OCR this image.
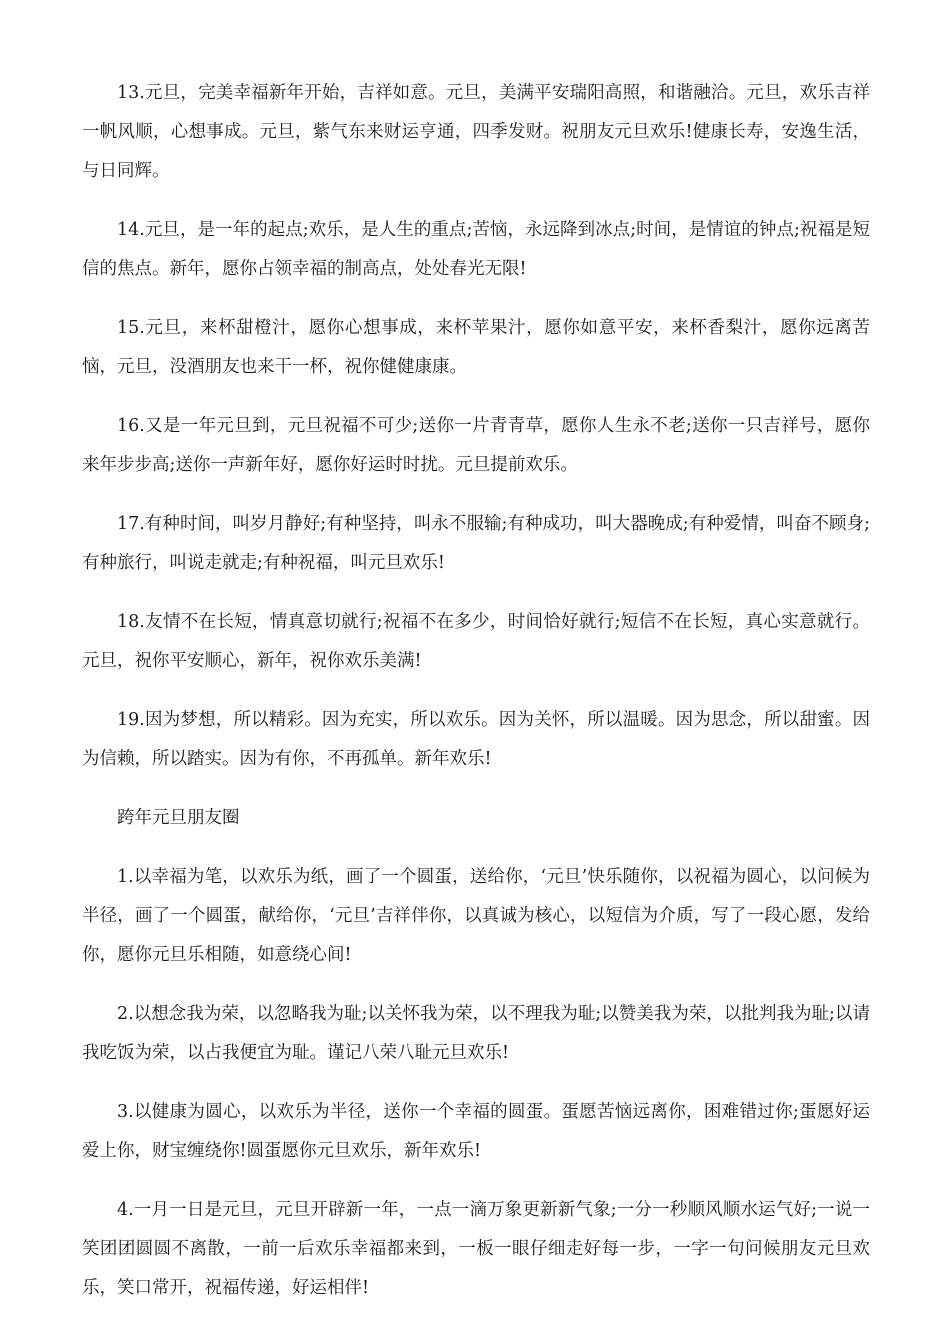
13.元旦，完美幸福新年开始，吉祥如意。元旦，美满平安瑞阳高照，和谐融洽。元旦，欢乐吉祥一帆风顺，心想事成。元旦，紫气东来财运亨通，四季发财。祝朋友元旦欢乐!健康长寿，安逸生活，与日同辉。

14.元旦，是一年的起点;欢乐，是人生的重点;苦恼，永远降到冰点;时间，是情谊的钟点;祝福是短信的焦点。新年，愿你占领幸福的制高点，处处春光无限!

15.元旦，来杯甜橙汁，愿你心想事成，来杯苹果汁，愿你如意平安，来杯香梨汁，愿你远离苦恼，元旦，没酒朋友也来干一杯，祝你健健康康。

16.又是一年元旦到，元旦祝福不可少;送你一片青青草，愿你人生永不老;送你一只吉祥号，愿你来年步步高;送你一声新年好，愿你好运时时扰。元旦提前欢乐。

17.有种时间，叫岁月静好;有种坚持，叫永不服输;有种成功，叫大器晚成;有种爱情，叫奋不顾身;有种旅行，叫说走就走;有种祝福，叫元旦欢乐!

18.友情不在长短，情真意切就行;祝福不在多少，时间恰好就行;短信不在长短，真心实意就行。元旦，祝你平安顺心，新年，祝你欢乐美满!

19.因为梦想，所以精彩。因为充实，所以欢乐。因为关怀，所以温暖。因为思念，所以甜蜜。因为信赖，所以踏实。因为有你，不再孤单。新年欢乐!

跨年元旦朋友圈

1.以幸福为笔，以欢乐为纸，画了一个圆蛋，送给你，‘元旦’快乐随你，以祝福为圆心，以问候为半径，画了一个圆蛋，献给你，‘元旦’吉祥伴你，以真诚为核心，以短信为介质，写了一段心愿，发给你，愿你元旦乐相随，如意绕心间!

2.以想念我为荣，以忽略我为耻;以关怀我为荣，以不理我为耻;以赞美我为荣，以批判我为耻;以请我吃饭为荣，以占我便宜为耻。谨记八荣八耻元旦欢乐!

3.以健康为圆心，以欢乐为半径，送你一个幸福的圆蛋。蛋愿苦恼远离你，困难错过你;蛋愿好运爱上你，财宝缠绕你!圆蛋愿你元旦欢乐，新年欢乐!

4.一月一日是元旦，元旦开辟新一年，一点一滴万象更新新气象;一分一秒顺风顺水运气好;一说一笑团团圆圆不离散，一前一后欢乐幸福都来到，一板一眼仔细走好每一步，一字一句问候朋友元旦欢乐，笑口常开，祝福传递，好运相伴!
